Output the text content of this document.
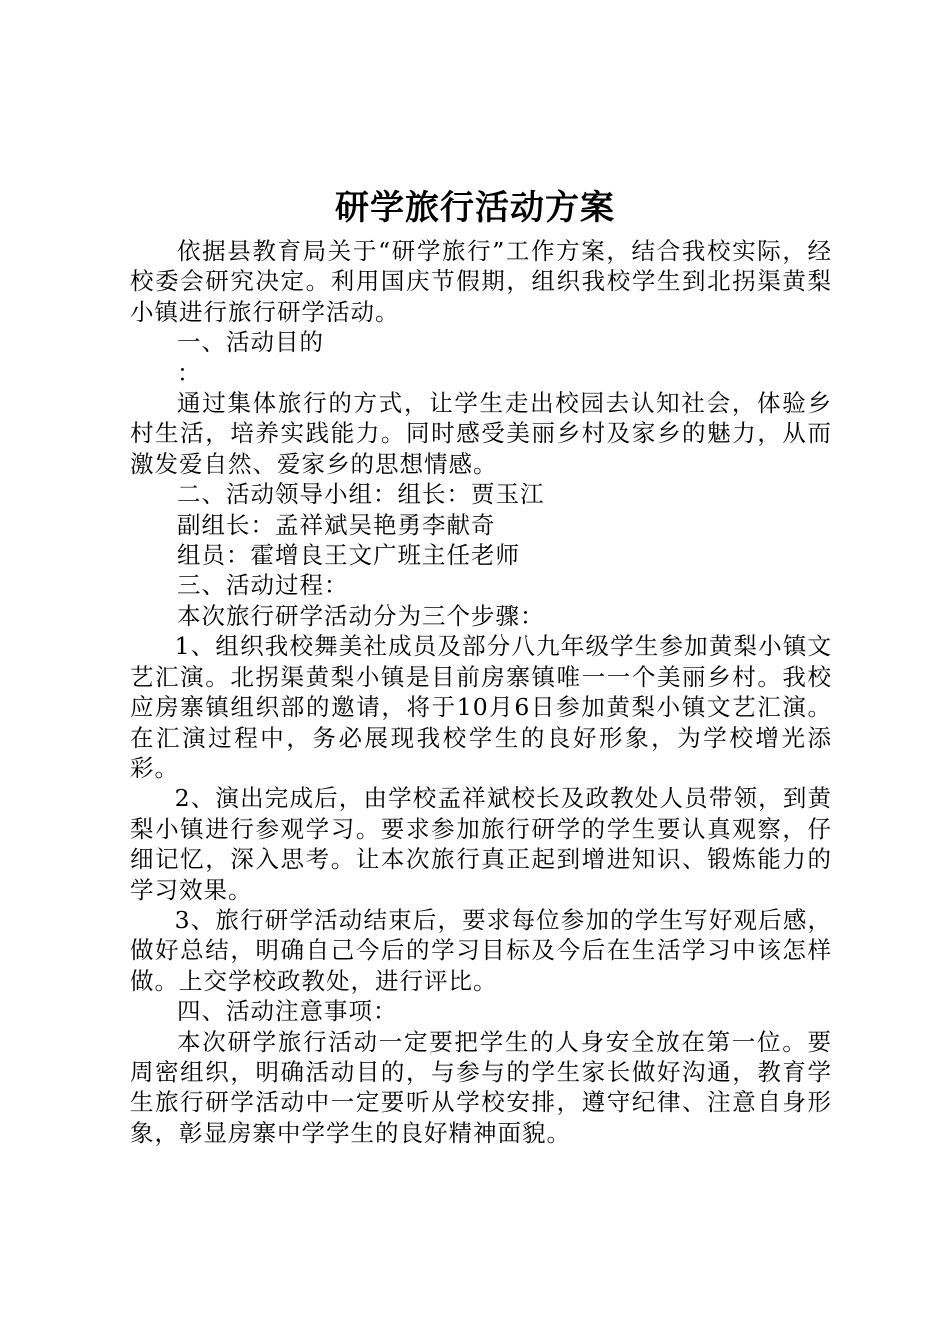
研学旅行活动方案

依据县教育局关于“研学旅行”工作方案，结合我校实际，经校委会研究决定。利用国庆节假期，组织我校学生到北拐渠黄梨小镇进行旅行研学活动。

一、活动目的

：

通过集体旅行的方式，让学生走出校园去认知社会，体验乡村生活，培养实践能力。同时感受美丽乡村及家乡的魅力，从而激发爱自然、爱家乡的思想情感。

二、活动领导小组：组长：贾玉江

副组长：孟祥斌吴艳勇李献奇

组员：霍增良王文广班主任老师

三、活动过程：

本次旅行研学活动分为三个步骤：

1、组织我校舞美社成员及部分八九年级学生参加黄梨小镇文艺汇演。北拐渠黄梨小镇是目前房寨镇唯一一个美丽乡村。我校应房寨镇组织部的邀请，将于10月6日参加黄梨小镇文艺汇演。在汇演过程中，务必展现我校学生的良好形象，为学校增光添彩。

2、演出完成后，由学校孟祥斌校长及政教处人员带领，到黄梨小镇进行参观学习。要求参加旅行研学的学生要认真观察，仔细记忆，深入思考。让本次旅行真正起到增进知识、锻炼能力的学习效果。

3、旅行研学活动结束后，要求每位参加的学生写好观后感，做好总结，明确自己今后的学习目标及今后在生活学习中该怎样做。上交学校政教处，进行评比。

四、活动注意事项：

本次研学旅行活动一定要把学生的人身安全放在第一位。要周密组织，明确活动目的，与参与的学生家长做好沟通，教育学生旅行研学活动中一定要听从学校安排，遵守纪律、注意自身形象，彰显房寨中学学生的良好精神面貌。
